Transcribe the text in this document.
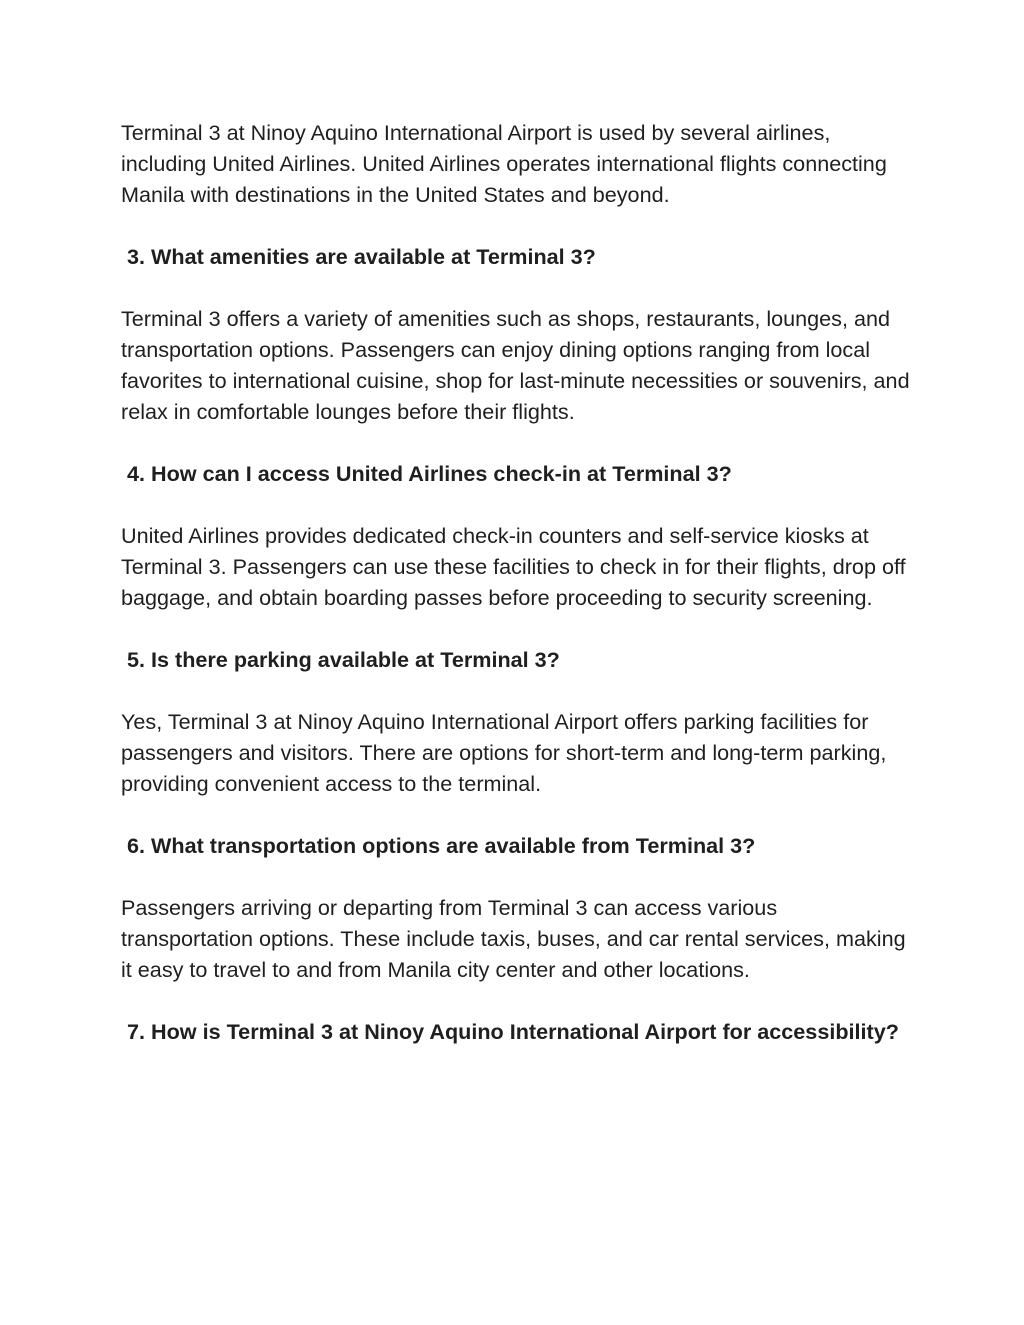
Terminal 3 at Ninoy Aquino International Airport is used by several airlines, including United Airlines. United Airlines operates international flights connecting Manila with destinations in the United States and beyond.

3. What amenities are available at Terminal 3?

Terminal 3 offers a variety of amenities such as shops, restaurants, lounges, and transportation options. Passengers can enjoy dining options ranging from local favorites to international cuisine, shop for last-minute necessities or souvenirs, and relax in comfortable lounges before their flights.

4. How can I access United Airlines check-in at Terminal 3?

United Airlines provides dedicated check-in counters and self-service kiosks at Terminal 3. Passengers can use these facilities to check in for their flights, drop off baggage, and obtain boarding passes before proceeding to security screening.

5. Is there parking available at Terminal 3?

Yes, Terminal 3 at Ninoy Aquino International Airport offers parking facilities for passengers and visitors. There are options for short-term and long-term parking, providing convenient access to the terminal.

6. What transportation options are available from Terminal 3?

Passengers arriving or departing from Terminal 3 can access various transportation options. These include taxis, buses, and car rental services, making it easy to travel to and from Manila city center and other locations.

7. How is Terminal 3 at Ninoy Aquino International Airport for accessibility?
